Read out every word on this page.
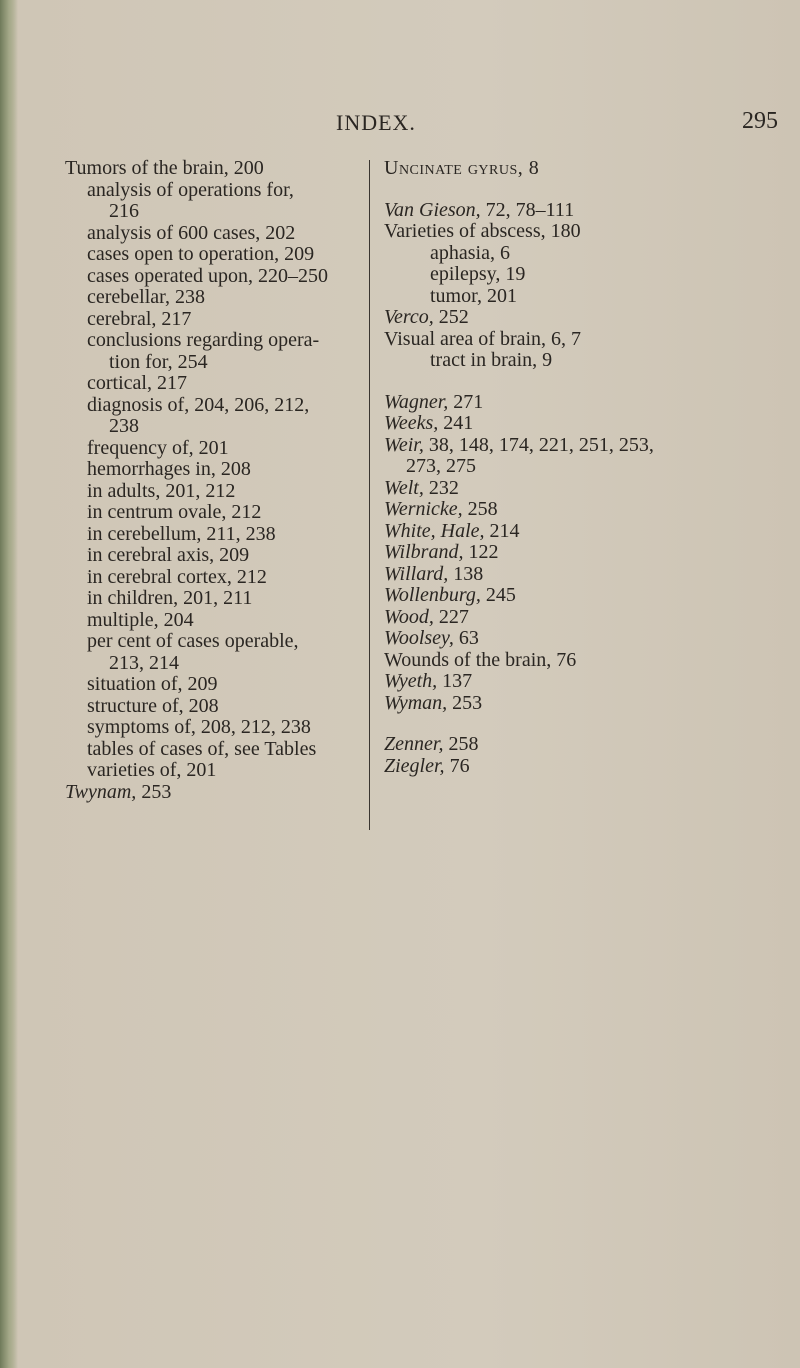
INDEX.	295
Tumors of the brain, 200
analysis of operations for,
216
analysis of 600 cases, 202
cases open to operation, 209
cases operated upon, 220–250
cerebellar, 238
cerebral, 217
conclusions regarding opera-
tion for, 254
cortical, 217
diagnosis of, 204, 206, 212,
238
frequency of, 201
hemorrhages in, 208
in adults, 201, 212
in centrum ovale, 212
in cerebellum, 211, 238
in cerebral axis, 209
in cerebral cortex, 212
in children, 201, 211
multiple, 204
per cent of cases operable,
213, 214
situation of, 209
structure of, 208
symptoms of, 208, 212, 238
tables of cases of, see Tables
varieties of, 201
Twynam, 253
Uncinate gyrus, 8
Van Gieson, 72, 78–111
Varieties of abscess, 180
aphasia, 6
epilepsy, 19
tumor, 201
Verco, 252
Visual area of brain, 6, 7
tract in brain, 9
Wagner, 271
Weeks, 241
Weir, 38, 148, 174, 221, 251, 253,
273, 275
Welt, 232
Wernicke, 258
White, Hale, 214
Wilbrand, 122
Willard, 138
Wollenburg, 245
Wood, 227
Woolsey, 63
Wounds of the brain, 76
Wyeth, 137
Wyman, 253
Zenner, 258
Ziegler, 76
